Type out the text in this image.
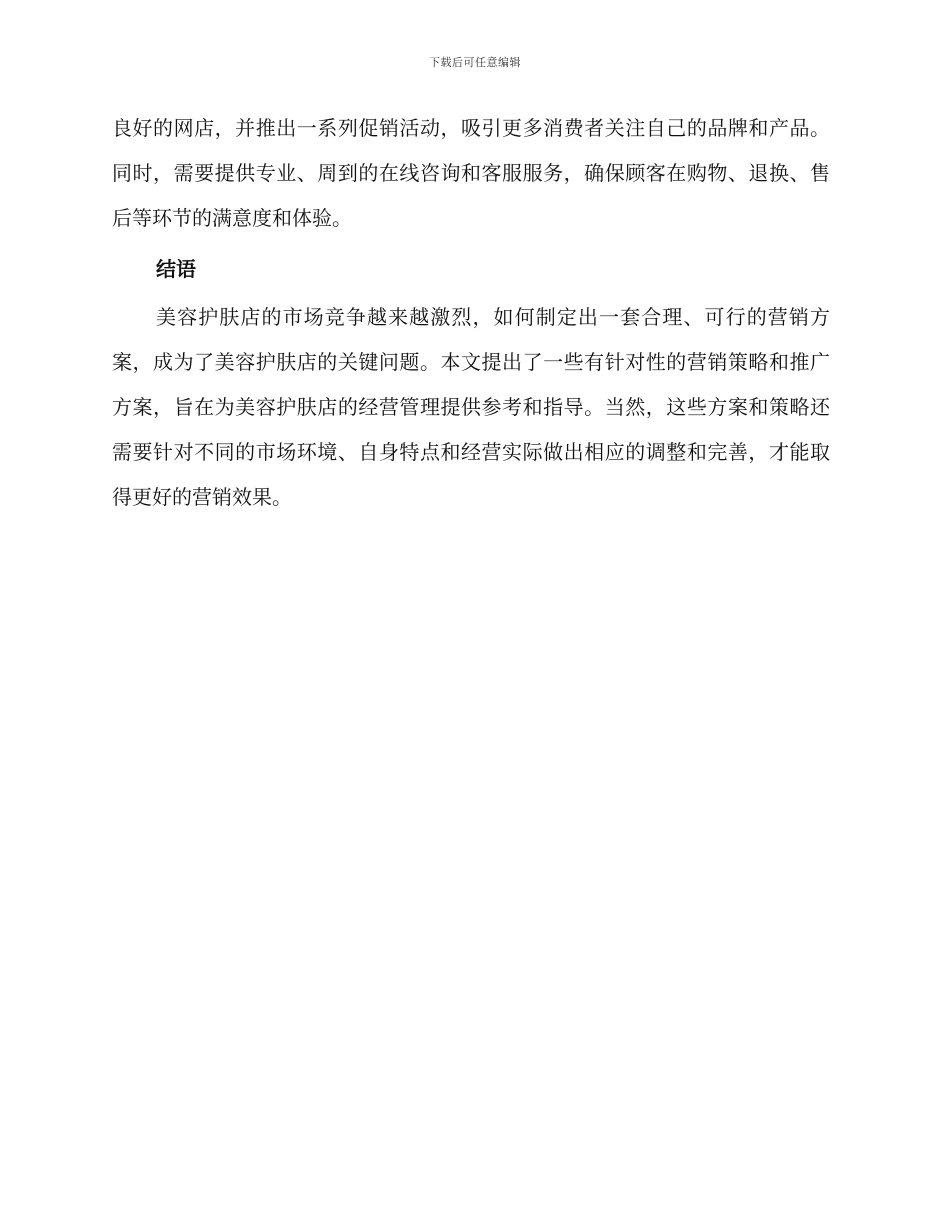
下载后可任意编辑

良好的网店，并推出一系列促销活动，吸引更多消费者关注自己的品牌和产品。同时，需要提供专业、周到的在线咨询和客服服务，确保顾客在购物、退换、售后等环节的满意度和体验。

结语

美容护肤店的市场竞争越来越激烈，如何制定出一套合理、可行的营销方案，成为了美容护肤店的关键问题。本文提出了一些有针对性的营销策略和推广方案，旨在为美容护肤店的经营管理提供参考和指导。当然，这些方案和策略还需要针对不同的市场环境、自身特点和经营实际做出相应的调整和完善，才能取得更好的营销效果。
